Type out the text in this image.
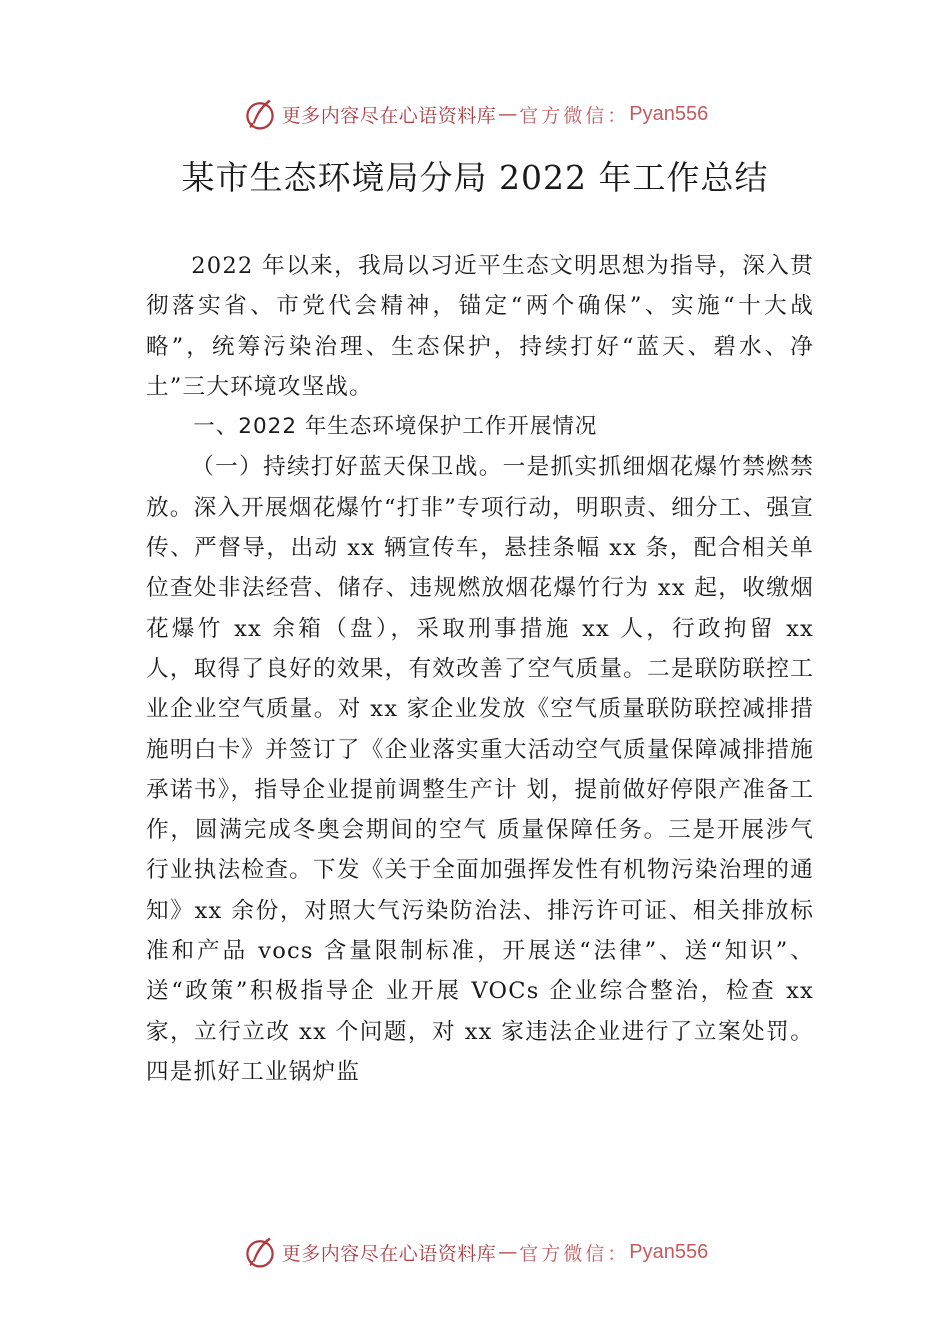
更多内容尽在心语资料库 — 官方微信： Pyan556
某市生态环境局分局 2022 年工作总结

2022 年以来，我局以习近平生态文明思想为指导，深入贯彻落实省、市党代会精神，锚定“两个确保”、实施“十大战略”，统筹污染治理、生态保护，持续打好“蓝天、碧水、净土”三大环境攻坚战。

一、2022 年生态环境保护工作开展情况

（一）持续打好蓝天保卫战。一是抓实抓细烟花爆竹禁燃禁放。深入开展烟花爆竹“打非”专项行动，明职责、细分工、强宣传、严督导，出动 xx 辆宣传车，悬挂条幅 xx 条，配合相关单位查处非法经营、储存、违规燃放烟花爆竹行为 xx 起，收缴烟花爆竹 xx 余箱（盘），采取刑事措施 xx 人，行政拘留 xx 人，取得了良好的效果，有效改善了空气质量。二是联防联控工业企业空气质量。对 xx 家企业发放《空气质量联防联控减排措施明白卡》并签订了《企业落实重大活动空气质量保障减排措施承诺书》，指导企业提前调整生产计 划，提前做好停限产准备工作，圆满完成冬奥会期间的空气 质量保障任务。三是开展涉气行业执法检查。下发《关于全面加强挥发性有机物污染治理的通知》xx 余份，对照大气污染防治法、排污许可证、相关排放标准和产品 vocs 含量限制标准，开展送“法律”、送“知识”、送“政策”积极指导企 业开展 VOCs 企业综合整治，检查 xx 家，立行立改 xx 个问题，对 xx 家违法企业进行了立案处罚。四是抓好工业锅炉监

更多内容尽在心语资料库 — 官方微信： Pyan556
